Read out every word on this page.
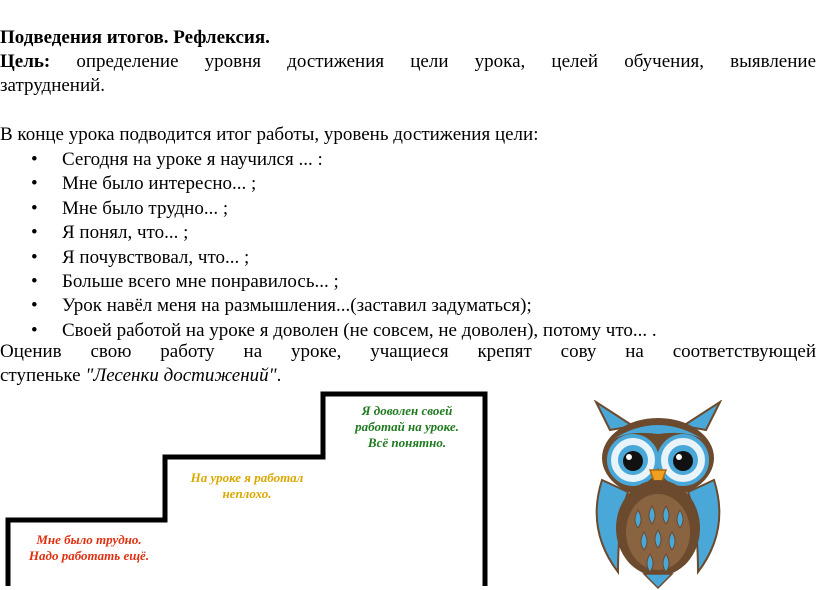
Подведения итогов. Рефлексия.
Цель: определение уровня достижения цели урока, целей обучения, выявление
затруднений.
В конце урока подводится итог работы, уровень достижения цели:
• Сегодня на уроке я научился ... :
• Мне было интересно... ;
• Мне было трудно... ;
• Я понял, что... ;
• Я почувствовал, что... ;
• Больше всего мне понравилось... ;
• Урок навёл меня на размышления...(заставил задуматься);
• Своей работой на уроке я доволен (не совсем, не доволен), потому что... .
Оценив свою работу на уроке, учащиеся крепят сову на соответствующей
ступеньке "Лесенки достижений".
Я доволен своей
работай на уроке.
Всё понятно.
На уроке я работал
неплохо.
Мне было трудно.
Надо работать ещё.
